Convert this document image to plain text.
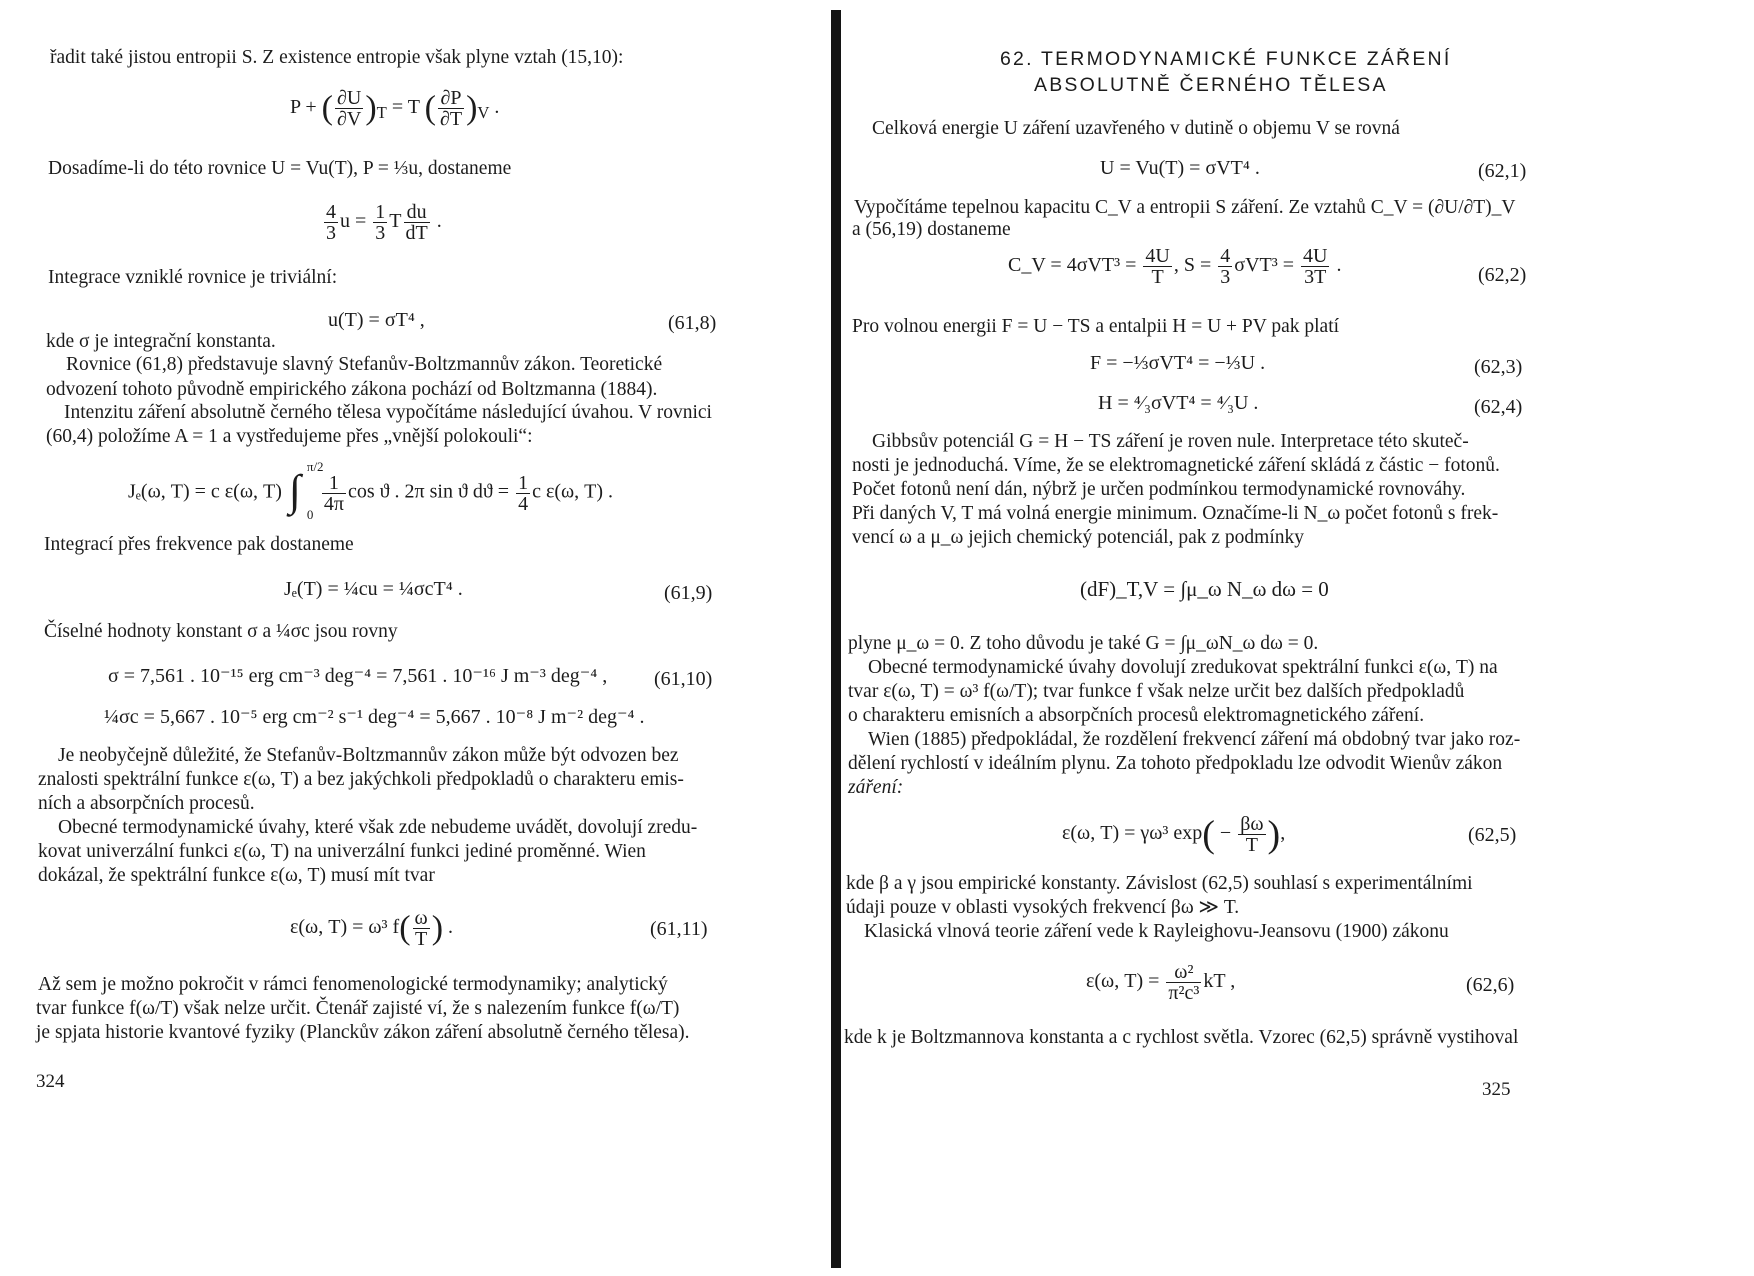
řadit také jistou entropii S. Z existence entropie však plyne vztah (15,10):
P + ( $\frac{\partial U}{\partial V} )_T = T$ ( $\frac{\partial P}{\partial T} )_V$ .
Dosadíme-li do této rovnice U = Vu(T), P = ⅓u, dostaneme
$\frac{4}{3}$ $u = \frac{1}{3}$ T $\frac{du}{dT}$ .
Integrace vzniklé rovnice je triviální:
u(T) = σT⁴ ,	(61,8)
kde σ je integrační konstanta.
Rovnice (61,8) představuje slavný Stefanův-Boltzmannův zákon. Teoretické
odvození tohoto původně empirického zákona pochází od Boltzmanna (1884).
Intenzitu záření absolutně černého tělesa vypočítáme následující úvahou. V rovnici
(60,4) položíme A = 1 a vystředujeme přes „vnější polokouli“:
Jₑ(ω, T) = c ε(ω, T) ∫ π/2
0

$\frac{1}{4\pi}$ cos ϑ . 2π sin ϑ $dϑ = \frac{1}{4}$ c ε(ω, T) .
Integrací přes frekvence pak dostaneme
Jₑ(T) = ¼cu = ¼σcT⁴ .	(61,9)
Číselné hodnoty konstant σ a ¼σc jsou rovny
σ = 7,561 . 10⁻¹⁵ erg cm⁻³ deg⁻⁴ = 7,561 . 10⁻¹⁶ J m⁻³ deg⁻⁴ , (61,10)
¼σc = 5,667 . 10⁻⁵ erg cm⁻² s⁻¹ deg⁻⁴ = 5,667 . 10⁻⁸ J m⁻² deg⁻⁴ .
Je neobyčejně důležité, že Stefanův-Boltzmannův zákon může být odvozen bez
znalosti spektrální funkce ε(ω, T) a bez jakýchkoli předpokladů o charakteru emis-
ních a absorpčních procesů.
Obecné termodynamické úvahy, které však zde nebudeme uvádět, dovolují zredu-
kovat univerzální funkci ε(ω, T) na univerzální funkci jediné proměnné. Wien
dokázal, že spektrální funkce ε(ω, T) musí mít tvar
ε(ω, T) = ω³ $f( \frac{\omega}{T}$ ) .	(61,11)
Až sem je možno pokročit v rámci fenomenologické termodynamiky; analytický
tvar funkce f(ω/T) však nelze určit. Čtenář zajisté ví, že s nalezením funkce f(ω/T)
je spjata historie kvantové fyziky (Planckův zákon záření absolutně černého tělesa).
324
62. TERMODYNAMICKÉ FUNKCE ZÁŘENÍ
ABSOLUTNĚ ČERNÉHO TĚLESA
Celková energie U záření uzavřeného v dutině o objemu V se rovná
U = Vu(T) = σVT⁴ .	(62,1)
Vypočítáme tepelnou kapacitu C_V a entropii S záření. Ze vztahů C_V = (∂U/∂T)_V
a (56,19) dostaneme
C_V = $4\sigma VT^3 = \frac{4U}{T}$ , $S = \frac{4}{3} \sigma VT^3 = \frac{4U}{3T}$ .	(62,2)
Pro volnou energii F = U − TS a entalpii H = U + PV pak platí
F = −⅓σVT⁴ = −⅓U .	(62,3)
H = ⁴⁄₃σVT⁴ = ⁴⁄₃U .	(62,4)
Gibbsův potenciál G = H − TS záření je roven nule. Interpretace této skuteč-
nosti je jednoduchá. Víme, že se elektromagnetické záření skládá z částic − fotonů.
Počet fotonů není dán, nýbrž je určen podmínkou termodynamické rovnováhy.
Při daných V, T má volná energie minimum. Označíme-li N_ω počet fotonů s frek-
vencí ω a μ_ω jejich chemický potenciál, pak z podmínky
(dF)_T,V = ∫μ_ω N_ω dω = 0
plyne μ_ω = 0. Z toho důvodu je také G = ∫μ_ωN_ω dω = 0.
Obecné termodynamické úvahy dovolují zredukovat spektrální funkci ε(ω, T) na
tvar ε(ω, T) = ω³ f(ω/T); tvar funkce f však nelze určit bez dalších předpokladů
o charakteru emisních a absorpčních procesů elektromagnetického záření.
Wien (1885) předpokládal, že rozdělení frekvencí záření má obdobný tvar jako roz-
dělení rychlostí v ideálním plynu. Za tohoto předpokladu lze odvodit Wienův zákon
záření:
ε(ω, T) = γω³ $\exp( - \frac{\beta\omega}{T}$ ),	(62,5)
kde β a γ jsou empirické konstanty. Závislost (62,5) souhlasí s experimentálními
údaji pouze v oblasti vysokých frekvencí βω ≫ T.
Klasická vlnová teorie záření vede k Rayleighovu-Jeansovu (1900) zákonu
ε(ω, $T) = \frac{\text{ω²}}{\text{π²c³}}$ kT ,	(62,6)
kde k je Boltzmannova konstanta a c rychlost světla. Vzorec (62,5) správně vystihoval
325
